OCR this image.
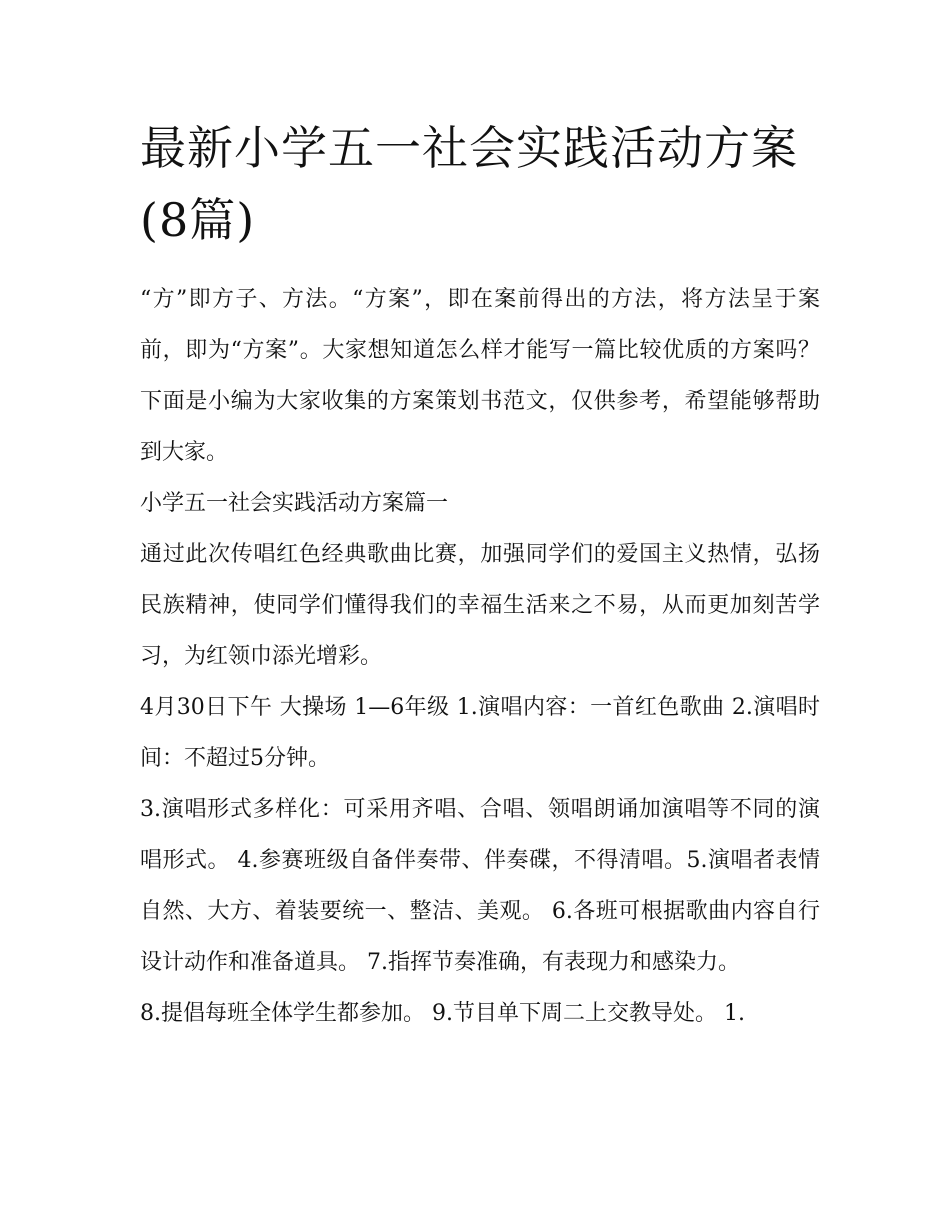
最新小学五一社会实践活动方案(8篇)

“方”即方子、方法。“方案”，即在案前得出的方法，将方法呈于案前，即为“方案”。大家想知道怎么样才能写一篇比较优质的方案吗？下面是小编为大家收集的方案策划书范文，仅供参考，希望能够帮助到大家。

小学五一社会实践活动方案篇一

通过此次传唱红色经典歌曲比赛，加强同学们的爱国主义热情，弘扬民族精神，使同学们懂得我们的幸福生活来之不易，从而更加刻苦学习，为红领巾添光增彩。

4月30日下午 大操场 1—6年级 1.演唱内容：一首红色歌曲 2.演唱时间：不超过5分钟。

3.演唱形式多样化：可采用齐唱、合唱、领唱朗诵加演唱等不同的演唱形式。 4.参赛班级自备伴奏带、伴奏碟，不得清唱。5.演唱者表情自然、大方、着装要统一、整洁、美观。 6.各班可根据歌曲内容自行设计动作和准备道具。 7.指挥节奏准确，有表现力和感染力。

8.提倡每班全体学生都参加。 9.节目单下周二上交教导处。 1.
